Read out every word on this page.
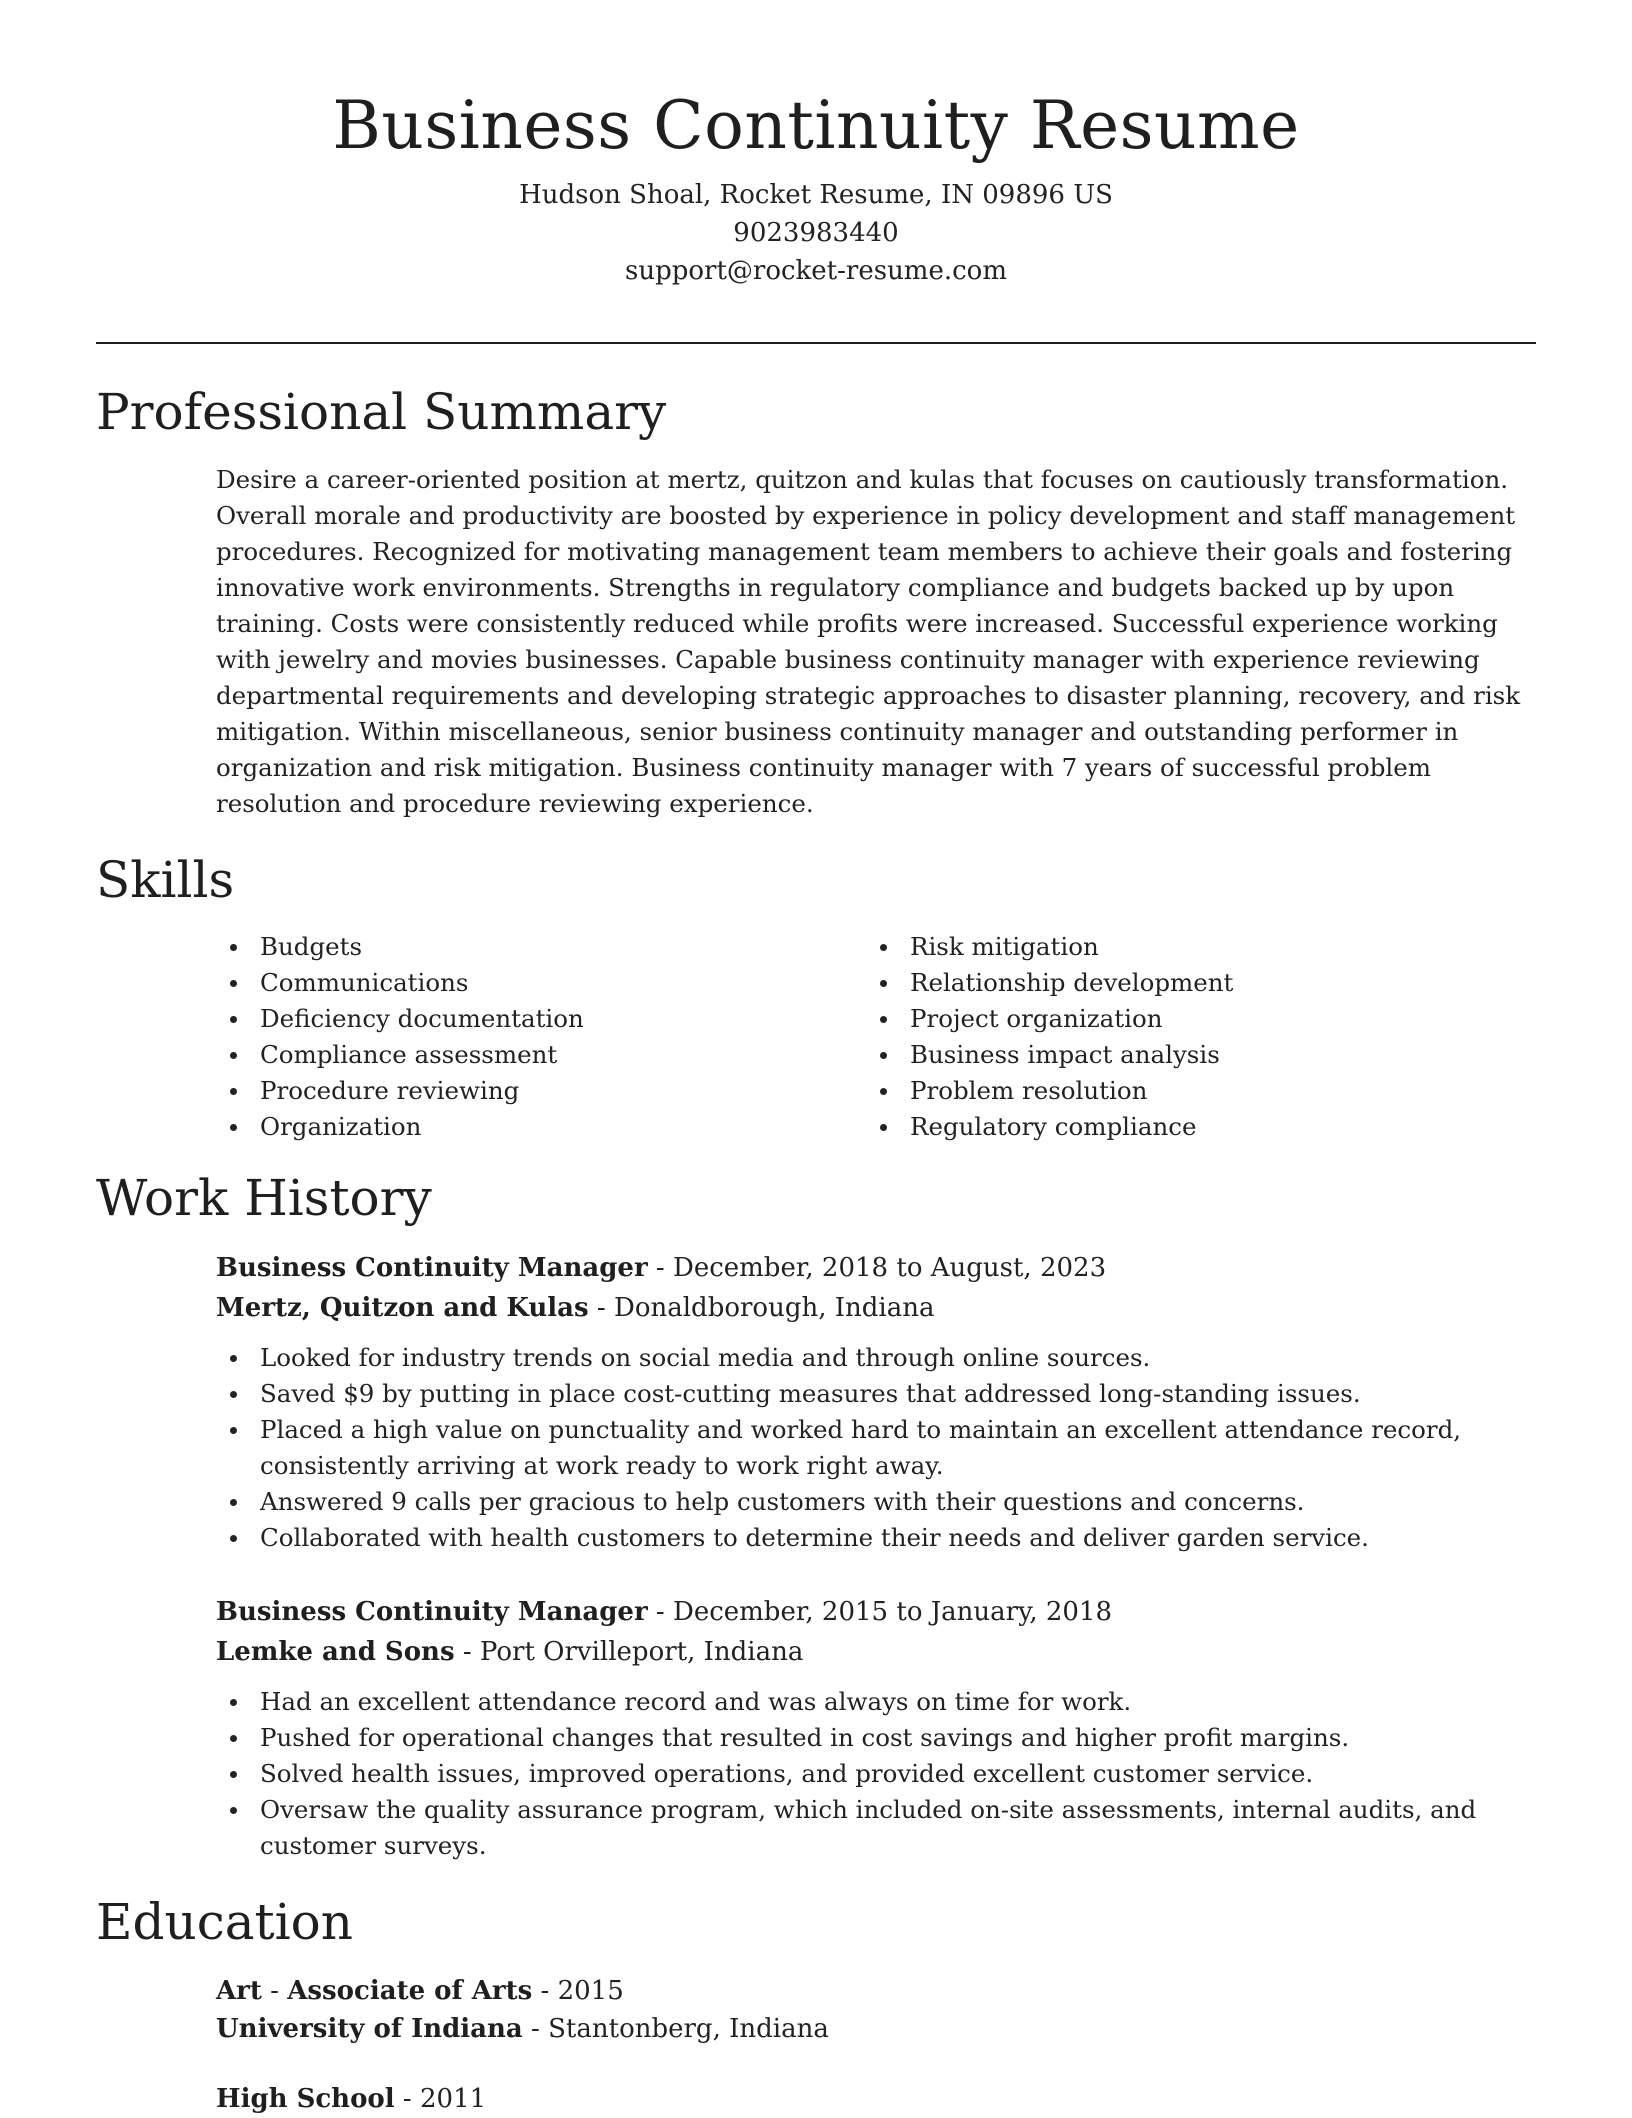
Business Continuity Resume
Hudson Shoal, Rocket Resume, IN 09896 US
9023983440
support@rocket-resume.com
Professional Summary

Desire a career-oriented position at mertz, quitzon and kulas that focuses on cautiously transformation. Overall morale and productivity are boosted by experience in policy development and staff management procedures. Recognized for motivating management team members to achieve their goals and fostering innovative work environments. Strengths in regulatory compliance and budgets backed up by upon training. Costs were consistently reduced while profits were increased. Successful experience working with jewelry and movies businesses. Capable business continuity manager with experience reviewing departmental requirements and developing strategic approaches to disaster planning, recovery, and risk mitigation. Within miscellaneous, senior business continuity manager and outstanding performer in organization and risk mitigation. Business continuity manager with 7 years of successful problem resolution and procedure reviewing experience.

Skills
Budgets
Communications
Deficiency documentation
Compliance assessment
Procedure reviewing
Organization
Risk mitigation
Relationship development
Project organization
Business impact analysis
Problem resolution
Regulatory compliance
Work History
Business Continuity Manager - December, 2018 to August, 2023
Mertz, Quitzon and Kulas - Donaldborough, Indiana
Looked for industry trends on social media and through online sources.
Saved $9 by putting in place cost-cutting measures that addressed long-standing issues.
Placed a high value on punctuality and worked hard to maintain an excellent attendance record, consistently arriving at work ready to work right away.
Answered 9 calls per gracious to help customers with their questions and concerns.
Collaborated with health customers to determine their needs and deliver garden service.
Business Continuity Manager - December, 2015 to January, 2018
Lemke and Sons - Port Orvilleport, Indiana
Had an excellent attendance record and was always on time for work.
Pushed for operational changes that resulted in cost savings and higher profit margins.
Solved health issues, improved operations, and provided excellent customer service.
Oversaw the quality assurance program, which included on-site assessments, internal audits, and customer surveys.
Education
Art - Associate of Arts - 2015
University of Indiana - Stantonberg, Indiana
High School - 2011
